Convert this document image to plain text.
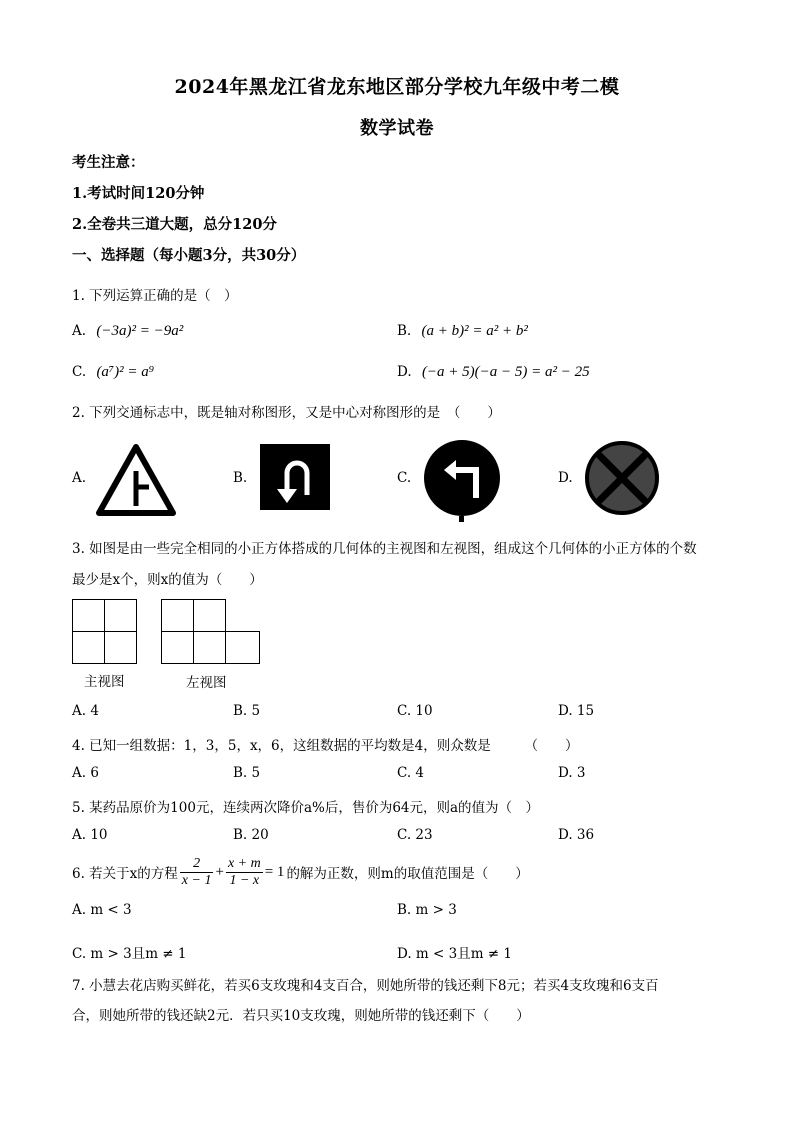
2024年黑龙江省龙东地区部分学校九年级中考二模
数学试卷
考生注意：
1.考试时间120分钟
2.全卷共三道大题，总分120分
一、选择题（每小题3分，共30分）
1. 下列运算正确的是（　）
A. (−3a)² = −9a²	B. (a + b)² = a² + b²
C. (a⁷)² = a⁹	D. (−a + 5)(−a − 5) = a² − 25
2. 下列交通标志中，既是轴对称图形，又是中心对称图形的是　（　　）
A.	B.	C.	D.
3. 如图是由一些完全相同的小正方体搭成的几何体的主视图和左视图，组成这个几何体的小正方体的个数
最少是x个，则x的值为（　　）
主视图	左视图
A. 4	B. 5	C. 10	D. 15
4. 已知一组数据：1，3，5，x，6，这组数据的平均数是4，则众数是　　　（　　）
A. 6	B. 5	C. 4	D. 3
5. 某药品原价为100元，连续两次降价a%后，售价为64元，则a的值为（　）
A. 10	B. 20	C. 23	D. 36
6. 若关于x的方程 $\frac{2}{x - 1} + \frac{x + m}{1 - x} = 1$ 的解为正数，则m的取值范围是（　　）
A. m < 3	B. m > 3
C. m > 3且m ≠ 1	D. m < 3且m ≠ 1
7. 小慧去花店购买鲜花，若买6支玫瑰和4支百合，则她所带的钱还剩下8元；若买4支玫瑰和6支百
合，则她所带的钱还缺2元．若只买10支玫瑰，则她所带的钱还剩下（　　）
